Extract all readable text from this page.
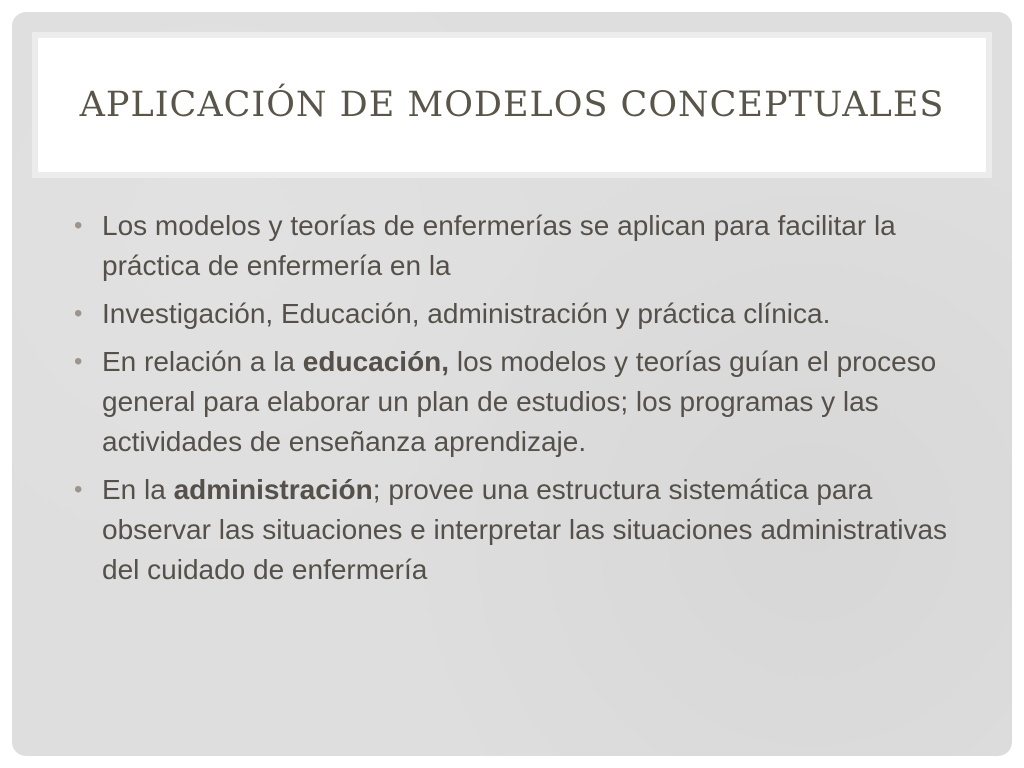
APLICACIÓN DE MODELOS CONCEPTUALES
• Los modelos y teorías de enfermerías se aplican para facilitar la práctica de enfermería en la
• Investigación, Educación, administración y práctica clínica.
• En relación a la educación, los modelos y teorías guían el proceso general para elaborar un plan de estudios; los programas y las actividades de enseñanza aprendizaje.
• En la administración; provee una estructura sistemática para observar las situaciones e interpretar las situaciones administrativas del cuidado de enfermería
